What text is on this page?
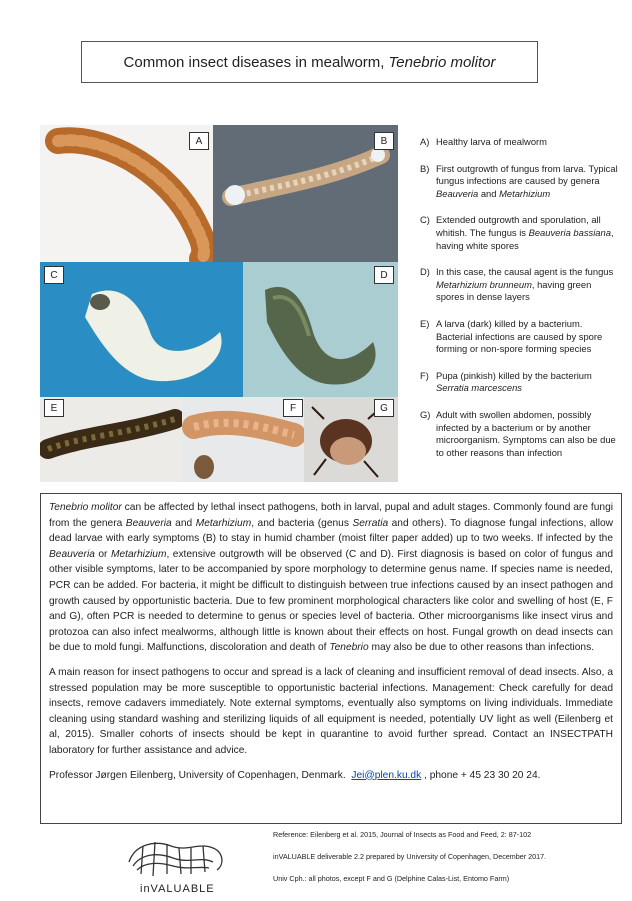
Common insect diseases in mealworm, Tenebrio molitor
A	B
C	D
E	F	G
A) Healthy larva of mealworm
B) First outgrowth of fungus from larva. Typical fungus infections are caused by genera Beauveria and Metarhizium
C) Extended outgrowth and sporulation, all whitish. The fungus is Beauveria bassiana, having white spores
D) In this case, the causal agent is the fungus Metarhizium brunneum, having green spores in dense layers
E) A larva (dark) killed by a bacterium. Bacterial infections are caused by spore forming or non-spore forming species
F) Pupa (pinkish) killed by the bacterium Serratia marcescens
G) Adult with swollen abdomen, possibly infected by a bacterium or by another microorganism. Symptoms can also be due to other reasons than infection

Tenebrio molitor can be affected by lethal insect pathogens, both in larval, pupal and adult stages. Commonly found are fungi from the genera Beauveria and Metarhizium, and bacteria (genus Serratia and others). To diagnose fungal infections, allow dead larvae with early symptoms (B) to stay in humid chamber (moist filter paper added) up to two weeks. If infected by the Beauveria or Metarhizium, extensive outgrowth will be observed (C and D). First diagnosis is based on color of fungus and other visible symptoms, later to be accompanied by spore morphology to determine genus name. If species name is needed, PCR can be added. For bacteria, it might be difficult to distinguish between true infections caused by an insect pathogen and growth caused by opportunistic bacteria. Due to few prominent morphological characters like color and swelling of host (E, F and G), often PCR is needed to determine to genus or species level of bacteria. Other microorganisms like insect virus and protozoa can also infect mealworms, although little is known about their effects on host. Fungal growth on dead insects can be due to mold fungi. Malfunctions, discoloration and death of Tenebrio may also be due to other reasons than infections.

A main reason for insect pathogens to occur and spread is a lack of cleaning and insufficient removal of dead insects. Also, a stressed population may be more susceptible to opportunistic bacterial infections. Management: Check carefully for dead insects, remove cadavers immediately. Note external symptoms, eventually also symptoms on living individuals. Immediate cleaning using standard washing and sterilizing liquids of all equipment is needed, potentially UV light as well (Eilenberg et al, 2015). Smaller cohorts of insects should be kept in quarantine to avoid further spread. Contact an INSECTPATH laboratory for further assistance and advice.

Professor Jørgen Eilenberg, University of Copenhagen, Denmark. Jei@plen.ku.dk , phone + 45 23 30 20 24.

inVALUABLE
Reference: Eilenberg et al. 2015, Journal of Insects as Food and Feed, 2: 87-102
inVALUABLE deliverable 2.2 prepared by University of Copenhagen, December 2017.
Univ Cph.: all photos, except F and G (Delphine Calas-List, Entomo Farm)
